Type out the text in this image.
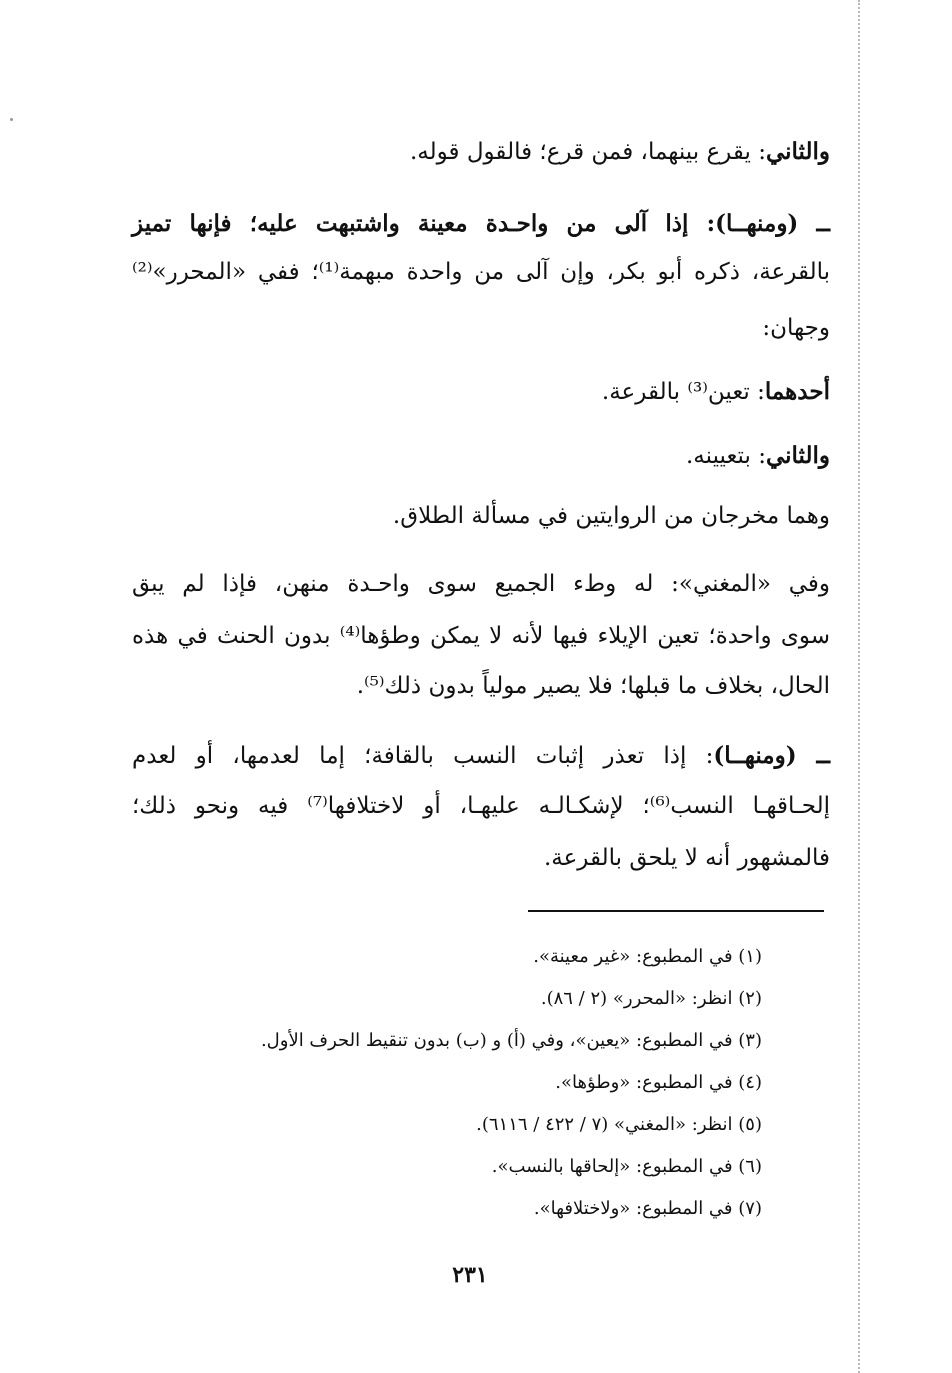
والثاني: يقرع بينهما، فمن قرع؛ فالقول قوله.
ــ (ومنهــا): إذا آلى من واحـدة معينة واشتبهت عليه؛ فإنها تميز
بالقرعة، ذكره أبو بكر، وإن آلى من واحدة مبهمة⁽¹⁾؛ ففي «المحرر»⁽²⁾
وجهان:
أحدهما: تعين⁽³⁾ بالقرعة.
والثاني: بتعيينه.
وهما مخرجان من الروايتين في مسألة الطلاق.
وفي «المغني»: له وطء الجميع سوى واحـدة منهن، فإذا لم يبق
سوى واحدة؛ تعين الإيلاء فيها لأنه لا يمكن وطؤها⁽⁴⁾ بدون الحنث في هذه
الحال، بخلاف ما قبلها؛ فلا يصير مولياً بدون ذلك⁽⁵⁾.
ــ (ومنهــا): إذا تعذر إثبات النسب بالقافة؛ إما لعدمها، أو لعدم
إلحـاقهـا النسب⁽⁶⁾؛ لإشكـالـه عليهـا، أو لاختلافها⁽⁷⁾ فيه ونحو ذلك؛
فالمشهور أنه لا يلحق بالقرعة.
(١) في المطبوع: «غير معينة».
(٢) انظر: «المحرر» (٢ / ٨٦).
(٣) في المطبوع: «يعين»، وفي (أ) و (ب) بدون تنقيط الحرف الأول.
(٤) في المطبوع: «وطؤها».
(٥) انظر: «المغني» (٧ / ٤٢٢ / ٦١١٦).
(٦) في المطبوع: «إلحاقها بالنسب».
(٧) في المطبوع: «ولاختلافها».
٢٣١
